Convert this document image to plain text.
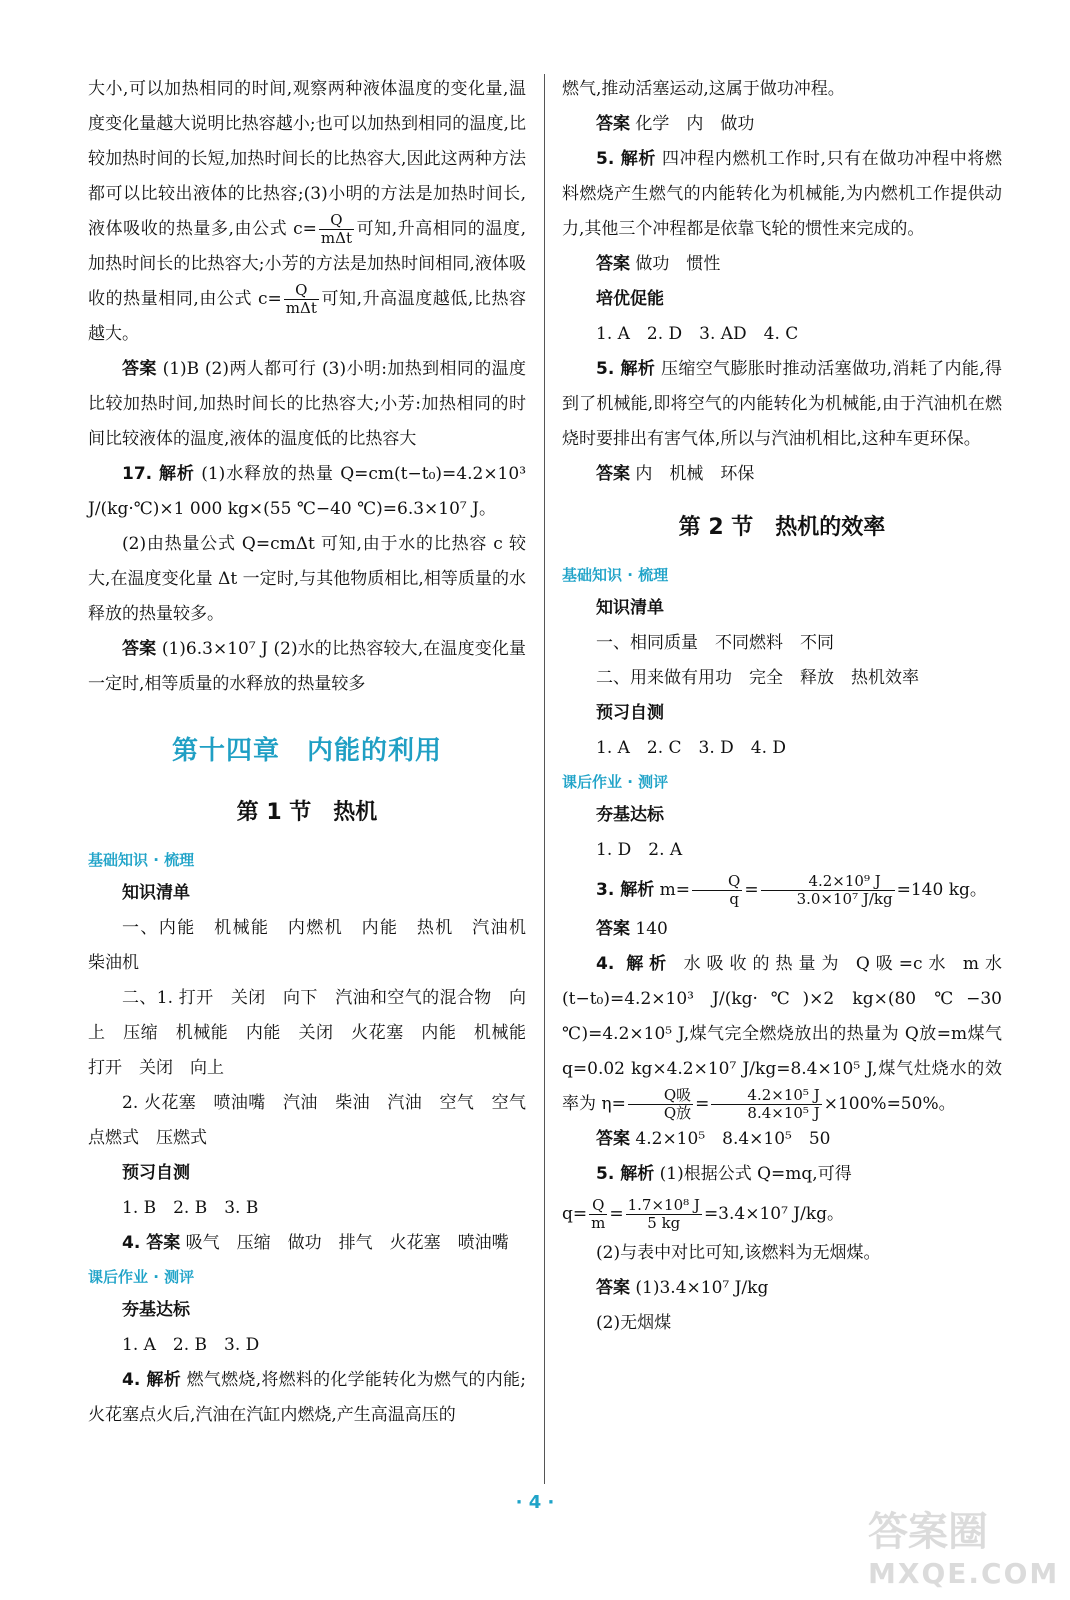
大小,可以加热相同的时间,观察两种液体温度的变化量,温度变化量越大说明比热容越小;也可以加热到相同的温度,比较加热时间的长短,加热时间长的比热容大,因此这两种方法都可以比较出液体的比热容;(3)小明的方法是加热时间长,液体吸收的热量多,由公式 $c= \frac{Q}{\text{mΔt}}$ 可知,升高相同的温度,加热时间长的比热容大;小芳的方法是加热时间相同,液体吸收的热量相同,由公式 $c= \frac{Q}{\text{mΔt}}$ 可知,升高温度越低,比热容越大。

答案 (1)B (2)两人都可行 (3)小明:加热到相同的温度比较加热时间,加热时间长的比热容大;小芳:加热相同的时间比较液体的温度,液体的温度低的比热容大

17. 解析 (1)水释放的热量 Q=cm(t−t₀)=4.2×10³ J/(kg·℃)×1 000 kg×(55 ℃−40 ℃)=6.3×10⁷ J。

(2)由热量公式 Q=cmΔt 可知,由于水的比热容 c 较大,在温度变化量 Δt 一定时,与其他物质相比,相等质量的水释放的热量较多。

答案 (1)6.3×10⁷ J (2)水的比热容较大,在温度变化量一定时,相等质量的水释放的热量较多

第十四章　内能的利用
第 1 节　热机
基础知识 · 梳理

知识清单

一、内能　机械能　内燃机　内能　热机　汽油机　柴油机

二、1. 打开　关闭　向下　汽油和空气的混合物　向上　压缩　机械能　内能　关闭　火花塞　内能　机械能　打开　关闭　向上

2. 火花塞　喷油嘴　汽油　柴油　汽油　空气　空气　点燃式　压燃式

预习自测

1. B　2. B　3. B

4. 答案 吸气　压缩　做功　排气　火花塞　喷油嘴

课后作业 · 测评

夯基达标

1. A　2. B　3. D

4. 解析 燃气燃烧,将燃料的化学能转化为燃气的内能;火花塞点火后,汽油在汽缸内燃烧,产生高温高压的

燃气,推动活塞运动,这属于做功冲程。

答案 化学　内　做功

5. 解析 四冲程内燃机工作时,只有在做功冲程中将燃料燃烧产生燃气的内能转化为机械能,为内燃机工作提供动力,其他三个冲程都是依靠飞轮的惯性来完成的。

答案 做功　惯性

培优促能

1. A　2. D　3. AD　4. C

5. 解析 压缩空气膨胀时推动活塞做功,消耗了内能,得到了机械能,即将空气的内能转化为机械能,由于汽油机在燃烧时要排出有害气体,所以与汽油机相比,这种车更环保。

答案 内　机械　环保

第 2 节　热机的效率
基础知识 · 梳理

知识清单

一、相同质量　不同燃料　不同

二、用来做有用功　完全　释放　热机效率

预习自测

1. A　2. C　3. D　4. D

课后作业 · 测评

夯基达标

1. D　2. A

3. 解析 $m= \frac{Q}{q} = \frac{\text{4.2×10⁹ J}}{\text{3.0×10⁷ J/kg}} =140$ kg。

答案 140

4. 解析 水吸收的热量为 Q吸=c水 m水(t−t₀)=4.2×10³ J/(kg·℃)×2 kg×(80 ℃−30 ℃)=4.2×10⁵ J,煤气完全燃烧放出的热量为 Q放=m煤气q=0.02 kg×4.2×10⁷ J/kg=8.4×10⁵ J,煤气灶烧水的效率为 $\eta= \frac{\text{Q吸}}{\text{Q放}} = \frac{\text{4.2×10⁵ J}}{\text{8.4×10⁵ J}} \times 100\%=50\%$。

答案 4.2×10⁵　8.4×10⁵　50

5. 解析 (1)根据公式 Q=mq,可得

$q= \frac{Q}{m} = \frac{\text{1.7×10⁸ J}}{5 kg} =3.4\times 10^7$ J/kg。

(2)与表中对比可知,该燃料为无烟煤。

答案 (1)3.4×10⁷ J/kg

(2)无烟煤

· 4 ·
答案圈
MXQE.COM
